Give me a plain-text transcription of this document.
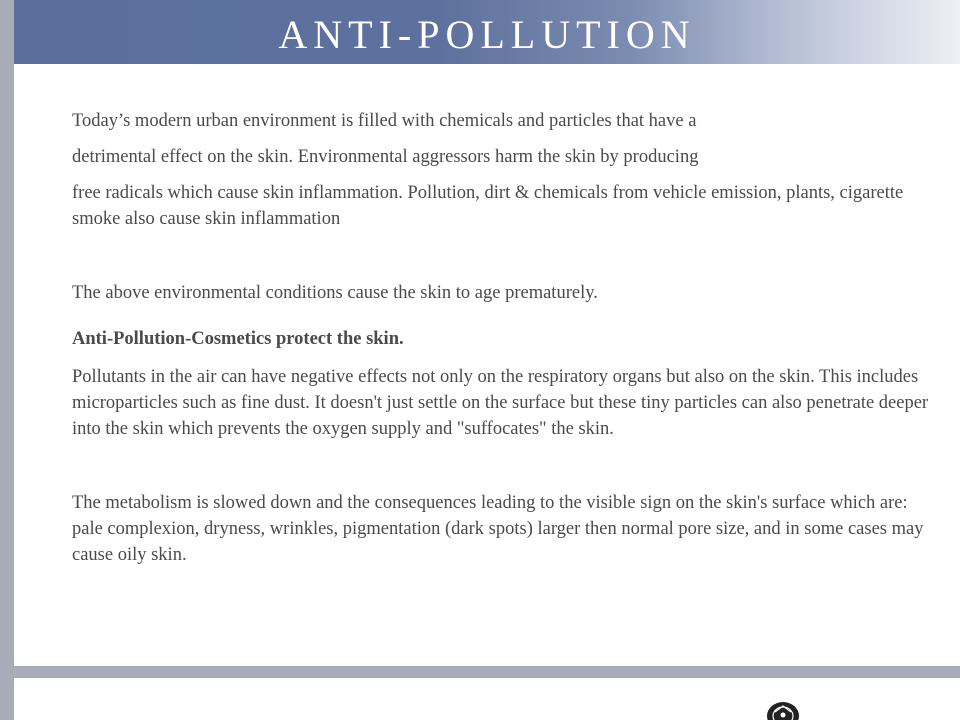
ANTI-POLLUTION

Today’s modern urban environment is filled with chemicals and particles that have a
detrimental effect on the skin. Environmental aggressors harm the skin by producing
free radicals which cause skin inflammation. Pollution, dirt & chemicals from vehicle emission, plants, cigarette smoke also cause skin inflammation

The above environmental conditions cause the skin to age prematurely.

Anti-Pollution-Cosmetics protect the skin.

Pollutants in the air can have negative effects not only on the respiratory organs but also on the skin. This includes microparticles such as fine dust. It doesn't just settle on the surface but these tiny particles can also penetrate deeper into the skin which prevents the oxygen supply and "suffocates" the skin.

The metabolism is slowed down and the consequences leading to the visible sign on the skin's surface which are: pale complexion, dryness, wrinkles, pigmentation (dark spots) larger then normal pore size, and in some cases may cause oily skin.
